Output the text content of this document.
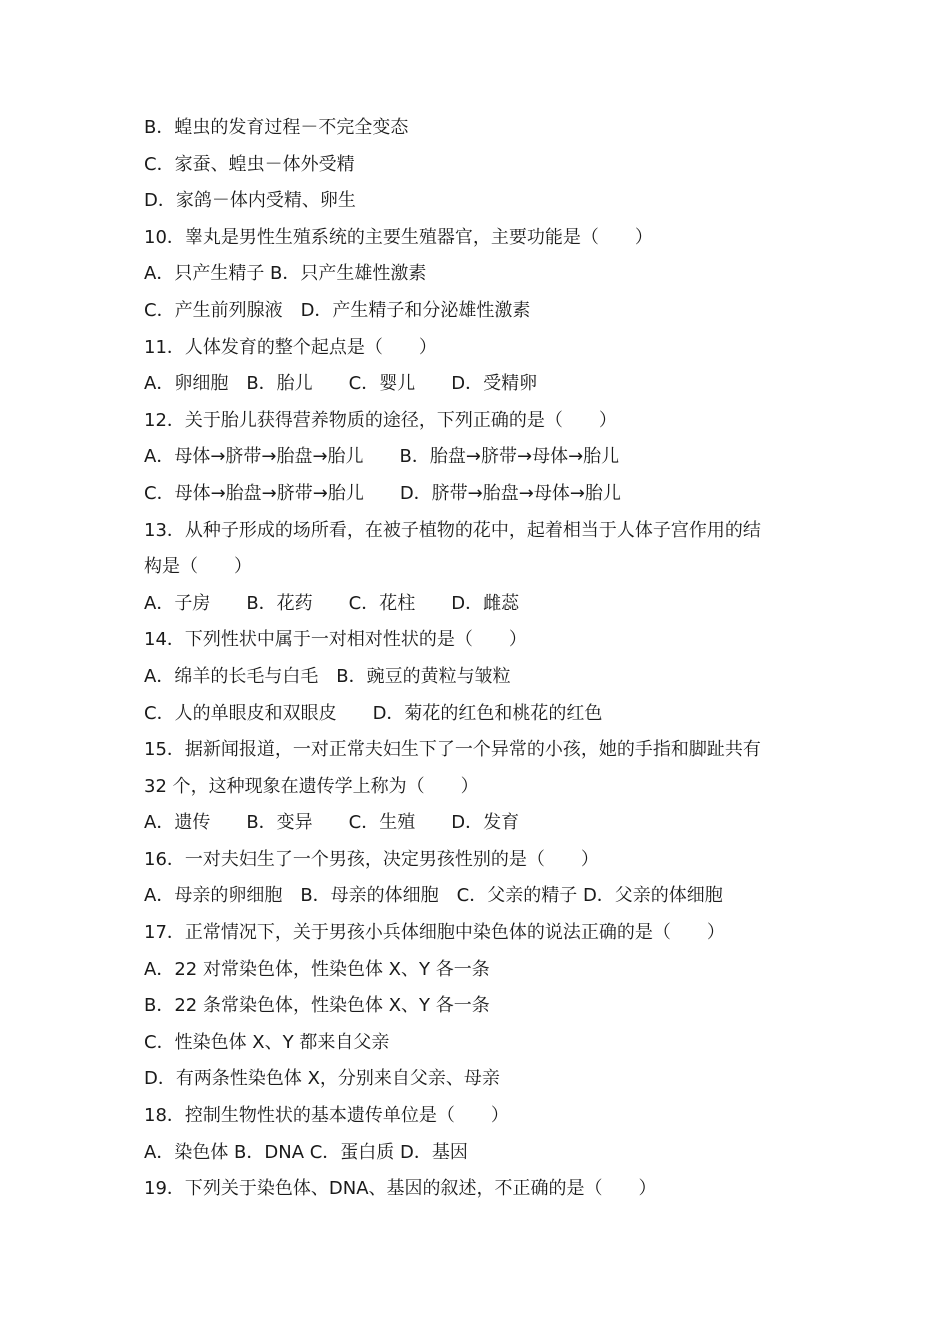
B．蝗虫的发育过程－不完全变态
C．家蚕、蝗虫－体外受精
D．家鸽－体内受精、卵生
10．睾丸是男性生殖系统的主要生殖器官，主要功能是（　　）
A．只产生精子 B．只产生雄性激素
C．产生前列腺液　D．产生精子和分泌雄性激素
11．人体发育的整个起点是（　　）
A．卵细胞　B．胎儿　　C．婴儿　　D．受精卵
12．关于胎儿获得营养物质的途径，下列正确的是（　　）
A．母体→脐带→胎盘→胎儿　　B．胎盘→脐带→母体→胎儿
C．母体→胎盘→脐带→胎儿　　D．脐带→胎盘→母体→胎儿
13．从种子形成的场所看，在被子植物的花中，起着相当于人体子宫作用的结
构是（　　）
A．子房　　B．花药　　C．花柱　　D．雌蕊
14．下列性状中属于一对相对性状的是（　　）
A．绵羊的长毛与白毛　B．豌豆的黄粒与皱粒
C．人的单眼皮和双眼皮　　D．菊花的红色和桃花的红色
15．据新闻报道，一对正常夫妇生下了一个异常的小孩，她的手指和脚趾共有
32 个，这种现象在遗传学上称为（　　）
A．遗传　　B．变异　　C．生殖　　D．发育
16．一对夫妇生了一个男孩，决定男孩性别的是（　　）
A．母亲的卵细胞　B．母亲的体细胞　C．父亲的精子 D．父亲的体细胞
17．正常情况下，关于男孩小兵体细胞中染色体的说法正确的是（　　）
A．22 对常染色体，性染色体 X、Y 各一条
B．22 条常染色体，性染色体 X、Y 各一条
C．性染色体 X、Y 都来自父亲
D．有两条性染色体 X，分别来自父亲、母亲
18．控制生物性状的基本遗传单位是（　　）
A．染色体 B．DNA C．蛋白质 D．基因
19．下列关于染色体、DNA、基因的叙述，不正确的是（　　）
